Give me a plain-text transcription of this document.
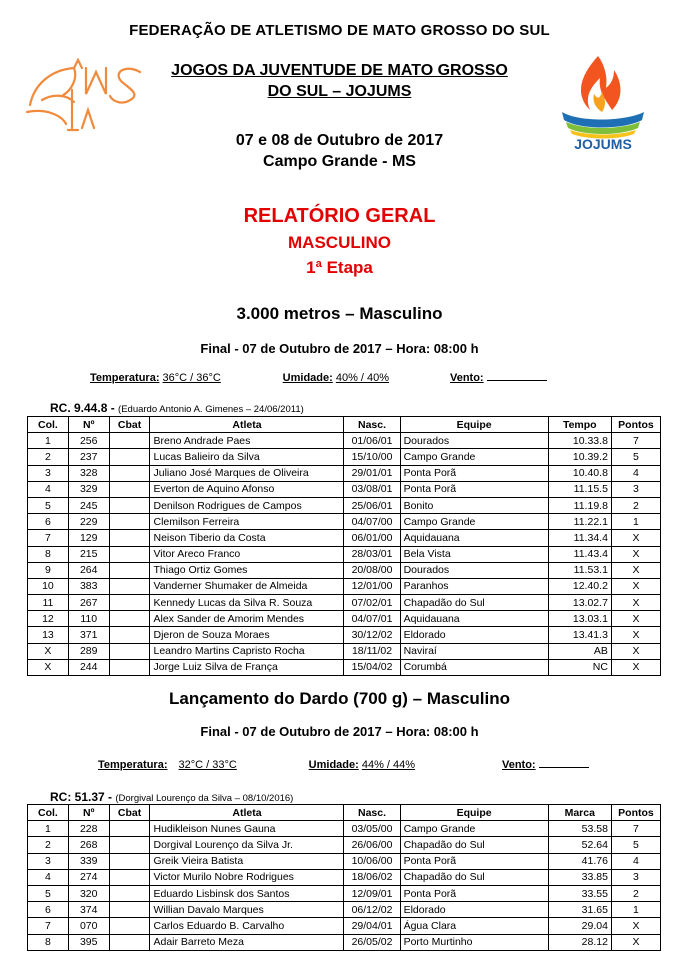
FEDERAÇÃO DE ATLETISMO DE MATO GROSSO DO SUL
JOGOS DA JUVENTUDE DE MATO GROSSO
DO SUL – JOJUMS
JOJUMS
07 e 08 de Outubro de 2017
Campo Grande - MS
RELATÓRIO GERAL
MASCULINO
1ª Etapa
3.000 metros – Masculino
Final - 07 de Outubro de 2017 – Hora: 08:00 h
Temperatura: 36°C / 36°C	Umidade: 40% / 40%	Vento:
RC. 9.44.8 - (Eduardo Antonio A. Gimenes – 24/06/2011)
Col.	Nº	Cbat	Atleta	Nasc.	Equipe	Tempo	Pontos
1	256		Breno Andrade Paes	01/06/01	Dourados	10.33.8	7
2	237		Lucas Balieiro da Silva	15/10/00	Campo Grande	10.39.2	5
3	328		Juliano José Marques de Oliveira	29/01/01	Ponta Porã	10.40.8	4
4	329		Everton de Aquino Afonso	03/08/01	Ponta Porã	11.15.5	3
5	245		Denilson Rodrigues de Campos	25/06/01	Bonito	11.19.8	2
6	229		Clemilson Ferreira	04/07/00	Campo Grande	11.22.1	1
7	129		Neison Tiberio da Costa	06/01/00	Aquidauana	11.34.4	X
8	215		Vitor Areco Franco	28/03/01	Bela Vista	11.43.4	X
9	264		Thiago Ortiz Gomes	20/08/00	Dourados	11.53.1	X
10	383		Vanderner Shumaker de Almeida	12/01/00	Paranhos	12.40.2	X
11	267		Kennedy Lucas da Silva R. Souza	07/02/01	Chapadão do Sul	13.02.7	X
12	110		Alex Sander de Amorim Mendes	04/07/01	Aquidauana	13.03.1	X
13	371		Djeron de Souza Moraes	30/12/02	Eldorado	13.41.3	X
X	289		Leandro Martins Capristo Rocha	18/11/02	Naviraí	AB	X
X	244		Jorge Luiz Silva de França	15/04/02	Corumbá	NC	X
Lançamento do Dardo (700 g) – Masculino
Final - 07 de Outubro de 2017 – Hora: 08:00 h
Temperatura: 32°C / 33°C	Umidade: 44% / 44%	Vento:
RC: 51.37 - (Dorgival Lourenço da Silva – 08/10/2016)
Col.	Nº	Cbat	Atleta	Nasc.	Equipe	Marca	Pontos
1	228		Hudikleison Nunes Gauna	03/05/00	Campo Grande	53.58	7
2	268		Dorgival Lourenço da Silva Jr.	26/06/00	Chapadão do Sul	52.64	5
3	339		Greik Vieira Batista	10/06/00	Ponta Porã	41.76	4
4	274		Victor Murilo Nobre Rodrigues	18/06/02	Chapadão do Sul	33.85	3
5	320		Eduardo Lisbinsk dos Santos	12/09/01	Ponta Porã	33.55	2
6	374		Willian Davalo Marques	06/12/02	Eldorado	31.65	1
7	070		Carlos Eduardo B. Carvalho	29/04/01	Água Clara	29.04	X
8	395		Adair Barreto Meza	26/05/02	Porto Murtinho	28.12	X
